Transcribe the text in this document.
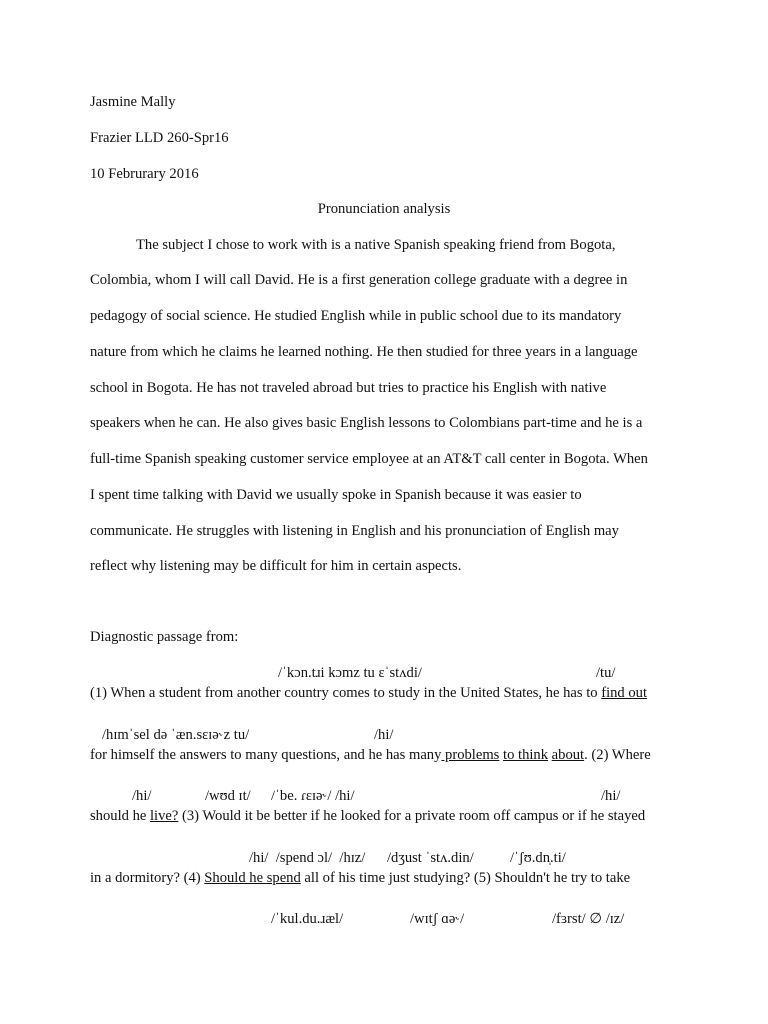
Jasmine Mally
Frazier LLD 260-Spr16
10 Februrary 2016
Pronunciation analysis
The subject I chose to work with is a native Spanish speaking friend from Bogota,
Colombia, whom I will call David. He is a first generation college graduate with a degree in
pedagogy of social science. He studied English while in public school due to its mandatory
nature from which he claims he learned nothing. He then studied for three years in a language
school in Bogota. He has not traveled abroad but tries to practice his English with native
speakers when he can. He also gives basic English lessons to Colombians part-time and he is a
full-time Spanish speaking customer service employee at an AT&T call center in Bogota. When
I spent time talking with David we usually spoke in Spanish because it was easier to
communicate. He struggles with listening in English and his pronunciation of English may
reflect why listening may be difficult for him in certain aspects.
Diagnostic passage from:
/ˈkɔn.tɹi kɔmz tu ɛˈstʌdi/	/tu/
(1) When a student from another country comes to study in the United States, he has to find out
/hɪmˈsel də ˈæn.sɛɪə˞z tu/	/hi/
for himself the answers to many questions, and he has many problems to think about. (2) Where
/hi/	/wʊd ɪt/ /ˈbe. ɾɛɪə˞/ /hi/	/hi/
should he live? (3) Would it be better if he looked for a private room off campus or if he stayed
/hi/  /spend ɔl/  /hɪz/ /dʒust ˈstʌ.din/ /ˈʃʊ.dn̩.ti/
in a dormitory? (4) Should he spend all of his time just studying? (5) Shouldn't he try to take
/ˈkul.du.ɹæl/	/wɪtʃ ɑə˞/	/fɜrst/ ∅ /ɪz/
